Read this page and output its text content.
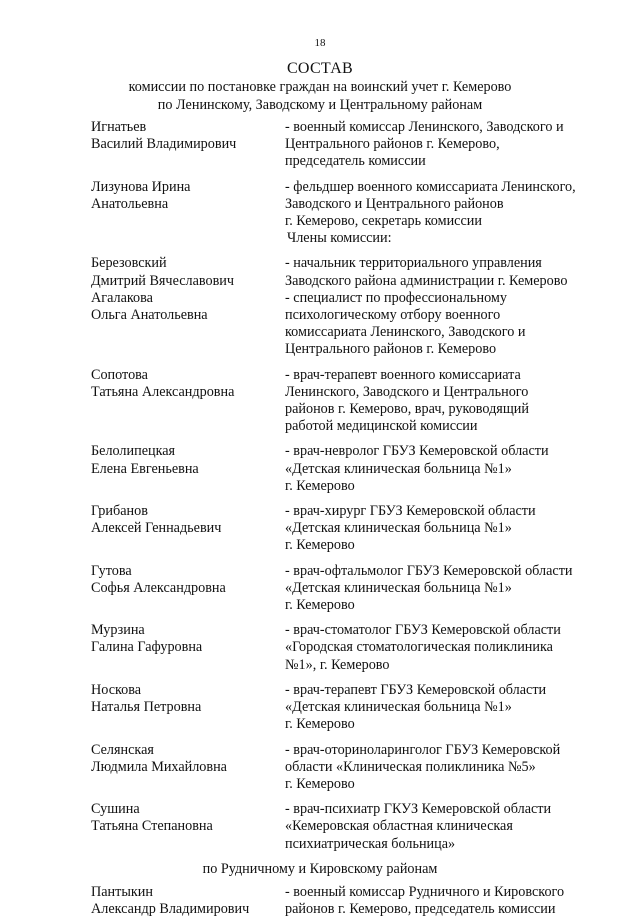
18
СОСТАВ
комиссии по постановке граждан на воинский учет г. Кемерово
по Ленинскому, Заводскому и Центральному районам
Игнатьев
Василий Владимирович
- военный комиссар Ленинского, Заводского и
Центрального районов г. Кемерово,
председатель комиссии
Лизунова Ирина
Анатольевна
- фельдшер военного комиссариата Ленинского,
Заводского и Центрального районов
г. Кемерово, секретарь комиссии
Члены комиссии:
Березовский
Дмитрий Вячеславович
- начальник территориального управления
Заводского района администрации г. Кемерово
Агалакова
Ольга Анатольевна
- специалист по профессиональному
психологическому отбору военного
комиссариата Ленинского, Заводского и
Центрального районов г. Кемерово
Сопотова
Татьяна Александровна
- врач-терапевт военного комиссариата
Ленинского, Заводского и Центрального
районов г. Кемерово, врач, руководящий
работой медицинской комиссии
Белолипецкая
Елена Евгеньевна
- врач-невролог ГБУЗ Кемеровской области
«Детская клиническая больница №1»
г. Кемерово
Грибанов
Алексей Геннадьевич
- врач-хирург ГБУЗ Кемеровской области
«Детская клиническая больница №1»
г. Кемерово
Гутова
Софья Александровна
- врач-офтальмолог ГБУЗ Кемеровской области
«Детская клиническая больница №1»
г. Кемерово
Мурзина
Галина Гафуровна
- врач-стоматолог ГБУЗ Кемеровской области
«Городская стоматологическая поликлиника
№1», г. Кемерово
Носкова
Наталья Петровна
- врач-терапевт ГБУЗ Кемеровской области
«Детская клиническая больница №1»
г. Кемерово
Селянская
Людмила Михайловна
- врач-оториноларинголог ГБУЗ Кемеровской
области «Клиническая поликлиника №5»
г. Кемерово
Сушина
Татьяна Степановна
- врач-психиатр ГКУЗ Кемеровской области
«Кемеровская областная клиническая
психиатрическая больница»
по Рудничному и Кировскому районам
Пантыкин
Александр Владимирович
- военный комиссар Рудничного и Кировского
районов г. Кемерово, председатель комиссии
